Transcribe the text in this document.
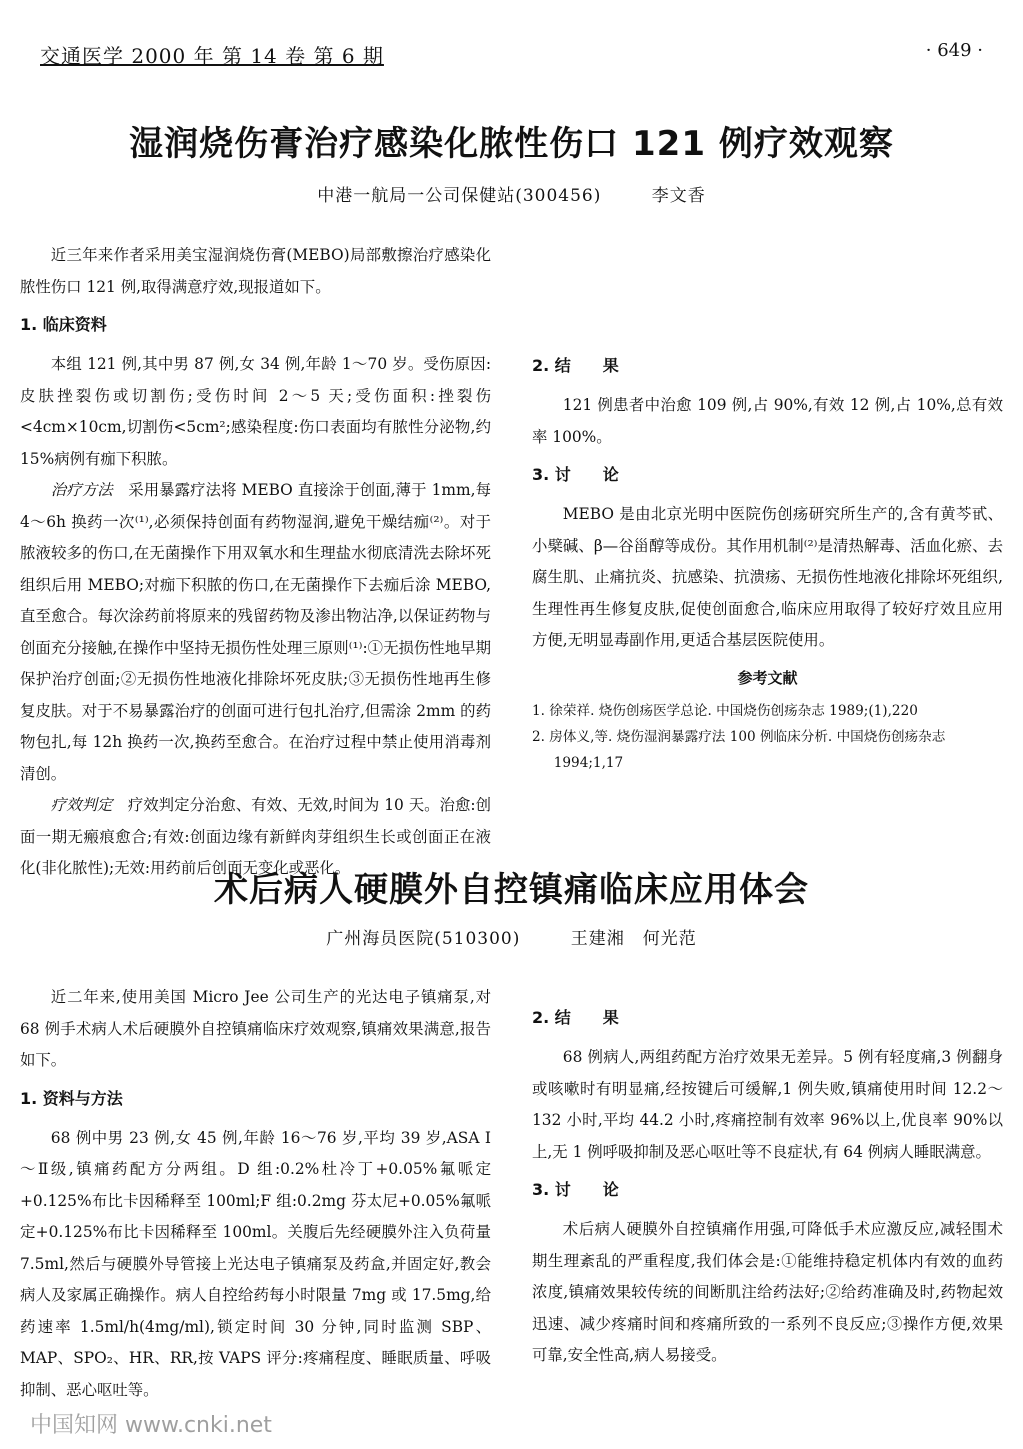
交通医学 2000 年 第 14 卷 第 6 期	· 649 ·
湿润烧伤膏治疗感染化脓性伤口 121 例疗效观察
中港一航局一公司保健站(300456)	李文香

近三年来作者采用美宝湿润烧伤膏(MEBO)局部敷擦治疗感染化脓性伤口 121 例,取得满意疗效,现报道如下。

1. 临床资料

本组 121 例,其中男 87 例,女 34 例,年龄 1～70 岁。受伤原因:皮肤挫裂伤或切割伤;受伤时间 2～5 天;受伤面积:挫裂伤<4cm×10cm,切割伤<5cm²;感染程度:伤口表面均有脓性分泌物,约 15%病例有痂下积脓。

治疗方法　 采用暴露疗法将 MEBO 直接涂于创面,薄于 1mm,每 4～6h 换药一次⁽¹⁾,必须保持创面有药物湿润,避免干燥结痂⁽²⁾。对于脓液较多的伤口,在无菌操作下用双氧水和生理盐水彻底清洗去除坏死组织后用 MEBO;对痂下积脓的伤口,在无菌操作下去痂后涂 MEBO,直至愈合。每次涂药前将原来的残留药物及渗出物沾净,以保证药物与创面充分接触,在操作中坚持无损伤性处理三原则⁽¹⁾:①无损伤性地早期保护治疗创面;②无损伤性地液化排除坏死皮肤;③无损伤性地再生修复皮肤。对于不易暴露治疗的创面可进行包扎治疗,但需涂 2mm 的药物包扎,每 12h 换药一次,换药至愈合。在治疗过程中禁止使用消毒剂清创。

疗效判定　 疗效判定分治愈、有效、无效,时间为 10 天。治愈:创面一期无瘢痕愈合;有效:创面边缘有新鲜肉芽组织生长或创面正在液化(非化脓性);无效:用药前后创面无变化或恶化。

2. 结　　果

121 例患者中治愈 109 例,占 90%,有效 12 例,占 10%,总有效率 100%。

3. 讨　　论

MEBO 是由北京光明中医院伤创疡研究所生产的,含有黄芩甙、小檗碱、β—谷甾醇等成份。其作用机制⁽²⁾是清热解毒、活血化瘀、去腐生肌、止痛抗炎、抗感染、抗溃疡、无损伤性地液化排除坏死组织,生理性再生修复皮肤,促使创面愈合,临床应用取得了较好疗效且应用方便,无明显毒副作用,更适合基层医院使用。

参考文献
1. 徐荣祥. 烧伤创疡医学总论. 中国烧伤创疡杂志 1989;(1),220
2. 房体义,等. 烧伤湿润暴露疗法 100 例临床分析. 中国烧伤创疡杂志 1994;1,17
术后病人硬膜外自控镇痛临床应用体会
广州海员医院(510300)	王建湘　何光范

近二年来,使用美国 Micro Jee 公司生产的光达电子镇痛泵,对 68 例手术病人术后硬膜外自控镇痛临床疗效观察,镇痛效果满意,报告如下。

1. 资料与方法

68 例中男 23 例,女 45 例,年龄 16～76 岁,平均 39 岁,ASA Ⅰ～Ⅱ级,镇痛药配方分两组。D 组:0.2%杜冷丁+0.05%氟哌定+0.125%布比卡因稀释至 100ml;F 组:0.2mg 芬太尼+0.05%氟哌定+0.125%布比卡因稀释至 100ml。关腹后先经硬膜外注入负荷量 7.5ml,然后与硬膜外导管接上光达电子镇痛泵及药盒,并固定好,教会病人及家属正确操作。病人自控给药每小时限量 7mg 或 17.5mg,给药速率 1.5ml/h(4mg/ml),锁定时间 30 分钟,同时监测 SBP、MAP、SPO₂、HR、RR,按 VAPS 评分:疼痛程度、睡眠质量、呼吸抑制、恶心呕吐等。

2. 结　　果

68 例病人,两组药配方治疗效果无差异。5 例有轻度痛,3 例翻身或咳嗽时有明显痛,经按键后可缓解,1 例失败,镇痛使用时间 12.2～132 小时,平均 44.2 小时,疼痛控制有效率 96%以上,优良率 90%以上,无 1 例呼吸抑制及恶心呕吐等不良症状,有 64 例病人睡眠满意。

3. 讨　　论

术后病人硬膜外自控镇痛作用强,可降低手术应激反应,减轻围术期生理紊乱的严重程度,我们体会是:①能维持稳定机体内有效的血药浓度,镇痛效果较传统的间断肌注给药法好;②给药准确及时,药物起效迅速、减少疼痛时间和疼痛所致的一系列不良反应;③操作方便,效果可靠,安全性高,病人易接受。

中国知网 www.cnki.net
